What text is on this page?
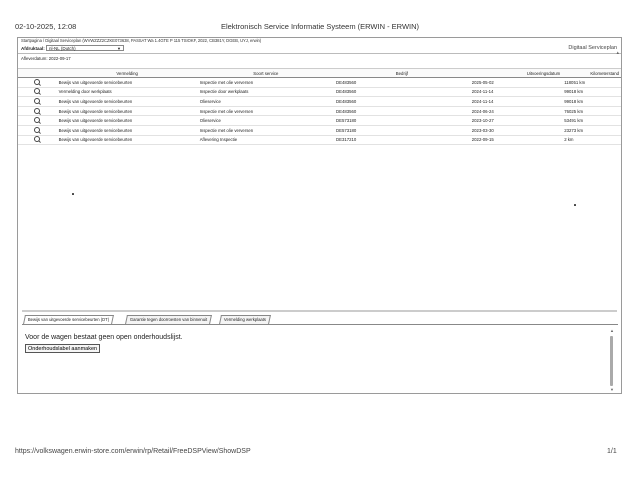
02-10-2025, 12:08	Elektronisch Service Informatie Systeem (ERWIN - ERWIN)
Startpagina / Digitaal Serviceplan (WVWZZZ2CZKE073638, PASSAT Wa 1.4GTE P 115 TSIOKF, 2022, CB381Y, DGEB, UYJ, erwin)
Afdruktaal: nl-NL (Dutch)	▼	Digitaal Serviceplan
Afleverdatum: 2022-09-17
	Vermelding	Soort service	Bedrijf	Uitvoeringsdatum	Kilometerstand
	Bewijs van uitgevoerde servicebeurten	Inspectie met olie verversen	DE483560	2025-05-02	118051 km
	Vermelding door werkplaats	Inspectie door werkplaats	DE483560	2024-11-14	99018 km
	Bewijs van uitgevoerde servicebeurten	Olieservice	DE483560	2024-11-14	99018 km
	Bewijs van uitgevoerde servicebeurten	Inspectie met olie verversen	DE483560	2024-06-24	76025 km
	Bewijs van uitgevoerde servicebeurten	Olieservice	DE573180	2023-10-27	53491 km
	Bewijs van uitgevoerde servicebeurten	Inspectie met olie verversen	DE573180	2023-03-30	23273 km
	Bewijs van uitgevoerde servicebeurten	Aflevering Inspectie	DE317210	2022-09-15	2 km
▴
Bewijs van uitgevoerde servicebeurten (DT)	Garantie tegen doorroesten van binnenuit	Vermelding werkplaats
Voor de wagen bestaat geen open onderhoudslijst.
Onderhoudslabel aanmaken
▲
▼
https://volkswagen.erwin-store.com/erwin/rp/Retail/FreeDSPView/ShowDSP	1/1
